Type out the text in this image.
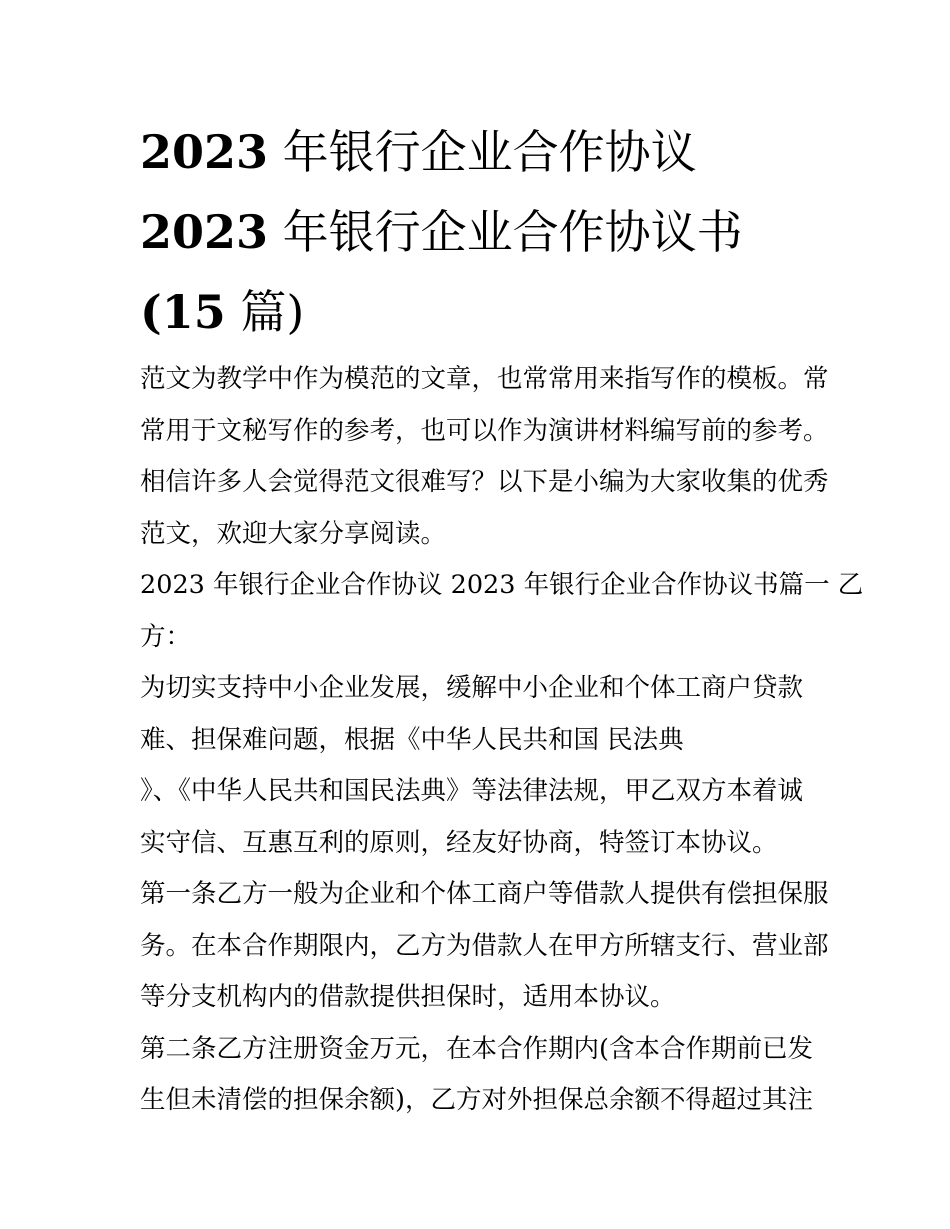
2023 年银行企业合作协议
2023 年银行企业合作协议书
(15 篇)
范文为教学中作为模范的文章，也常常用来指写作的模板。常
常用于文秘写作的参考，也可以作为演讲材料编写前的参考。
相信许多人会觉得范文很难写？以下是小编为大家收集的优秀
范文，欢迎大家分享阅读。
2023 年银行企业合作协议 2023 年银行企业合作协议书篇一 乙
方：
为切实支持中小企业发展，缓解中小企业和个体工商户贷款
难、担保难问题，根据《中华人民共和国 民法典
》、《中华人民共和国民法典》等法律法规，甲乙双方本着诚
实守信、互惠互利的原则，经友好协商，特签订本协议。
第一条乙方一般为企业和个体工商户等借款人提供有偿担保服
务。在本合作期限内，乙方为借款人在甲方所辖支行、营业部
等分支机构内的借款提供担保时，适用本协议。
第二条乙方注册资金万元，在本合作期内(含本合作期前已发
生但未清偿的担保余额)，乙方对外担保总余额不得超过其注
